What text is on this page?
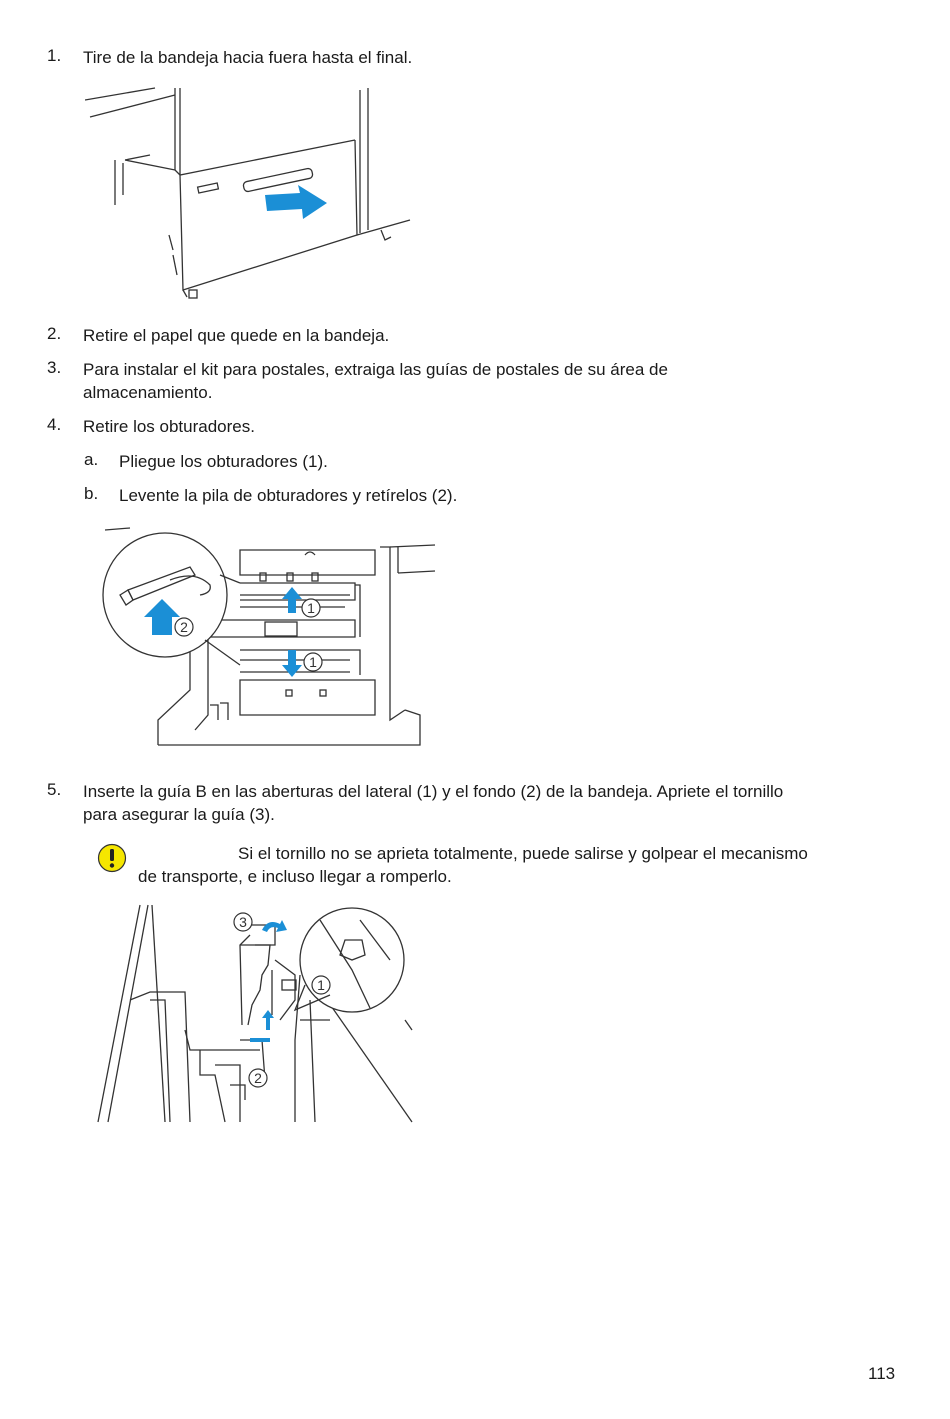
1.	Tire de la bandeja hacia fuera hasta el final.
2.	Retire el papel que quede en la bandeja.
3.	Para instalar el kit para postales, extraiga las guías de postales de su área de
almacenamiento.
4.	Retire los obturadores.
a.	Pliegue los obturadores (1).
b.	Levente la pila de obturadores y retírelos (2).
1
2
1
5.	Inserte la guía B en las aberturas del lateral (1) y el fondo (2) de la bandeja. Apriete el tornillo
para asegurar la guía (3).
Si el tornillo no se aprieta totalmente, puede salirse y golpear el mecanismo
de transporte, e incluso llegar a romperlo.
3
1
2
113
